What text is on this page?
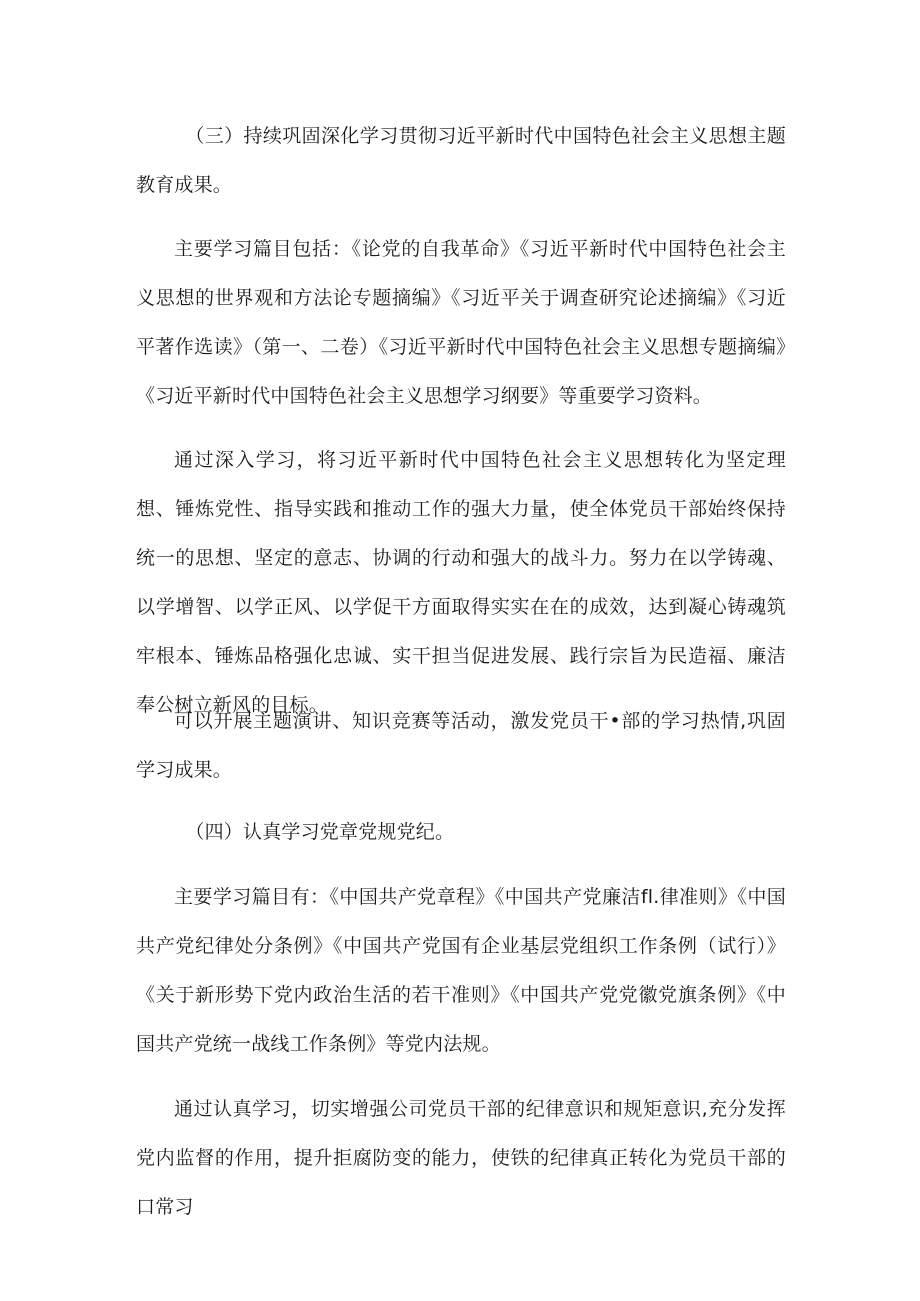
（三）持续巩固深化学习贯彻习近平新时代中国特色社会主义思想主题教育成果。

主要学习篇目包括：《论党的自我革命》《习近平新时代中国特色社会主义思想的世界观和方法论专题摘编》《习近平关于调查研究论述摘编》《习近平著作选读》（第一、二卷）《习近平新时代中国特色社会主义思想专题摘编》《习近平新时代中国特色社会主义思想学习纲要》等重要学习资料。

通过深入学习，将习近平新时代中国特色社会主义思想转化为坚定理想、锤炼党性、指导实践和推动工作的强大力量，使全体党员干部始终保持统一的思想、坚定的意志、协调的行动和强大的战斗力。努力在以学铸魂、以学增智、以学正风、以学促干方面取得实实在在的成效，达到凝心铸魂筑牢根本、锤炼品格强化忠诚、实干担当促进发展、践行宗旨为民造福、廉洁奉公树立新风的目标。

可以开展主题演讲、知识竞赛等活动，激发党员干•部的学习热情,巩固学习成果。

（四）认真学习党章党规党纪。

主要学习篇目有：《中国共产党章程》《中国共产党廉洁fl.律准则》《中国共产党纪律处分条例》《中国共产党国有企业基层党组织工作条例（试行）》《关于新形势下党内政治生活的若干准则》《中国共产党党徽党旗条例》《中国共产党统一战线工作条例》等党内法规。

通过认真学习，切实增强公司党员干部的纪律意识和规矩意识,充分发挥党内监督的作用，提升拒腐防变的能力，使铁的纪律真正转化为党员干部的口常习
